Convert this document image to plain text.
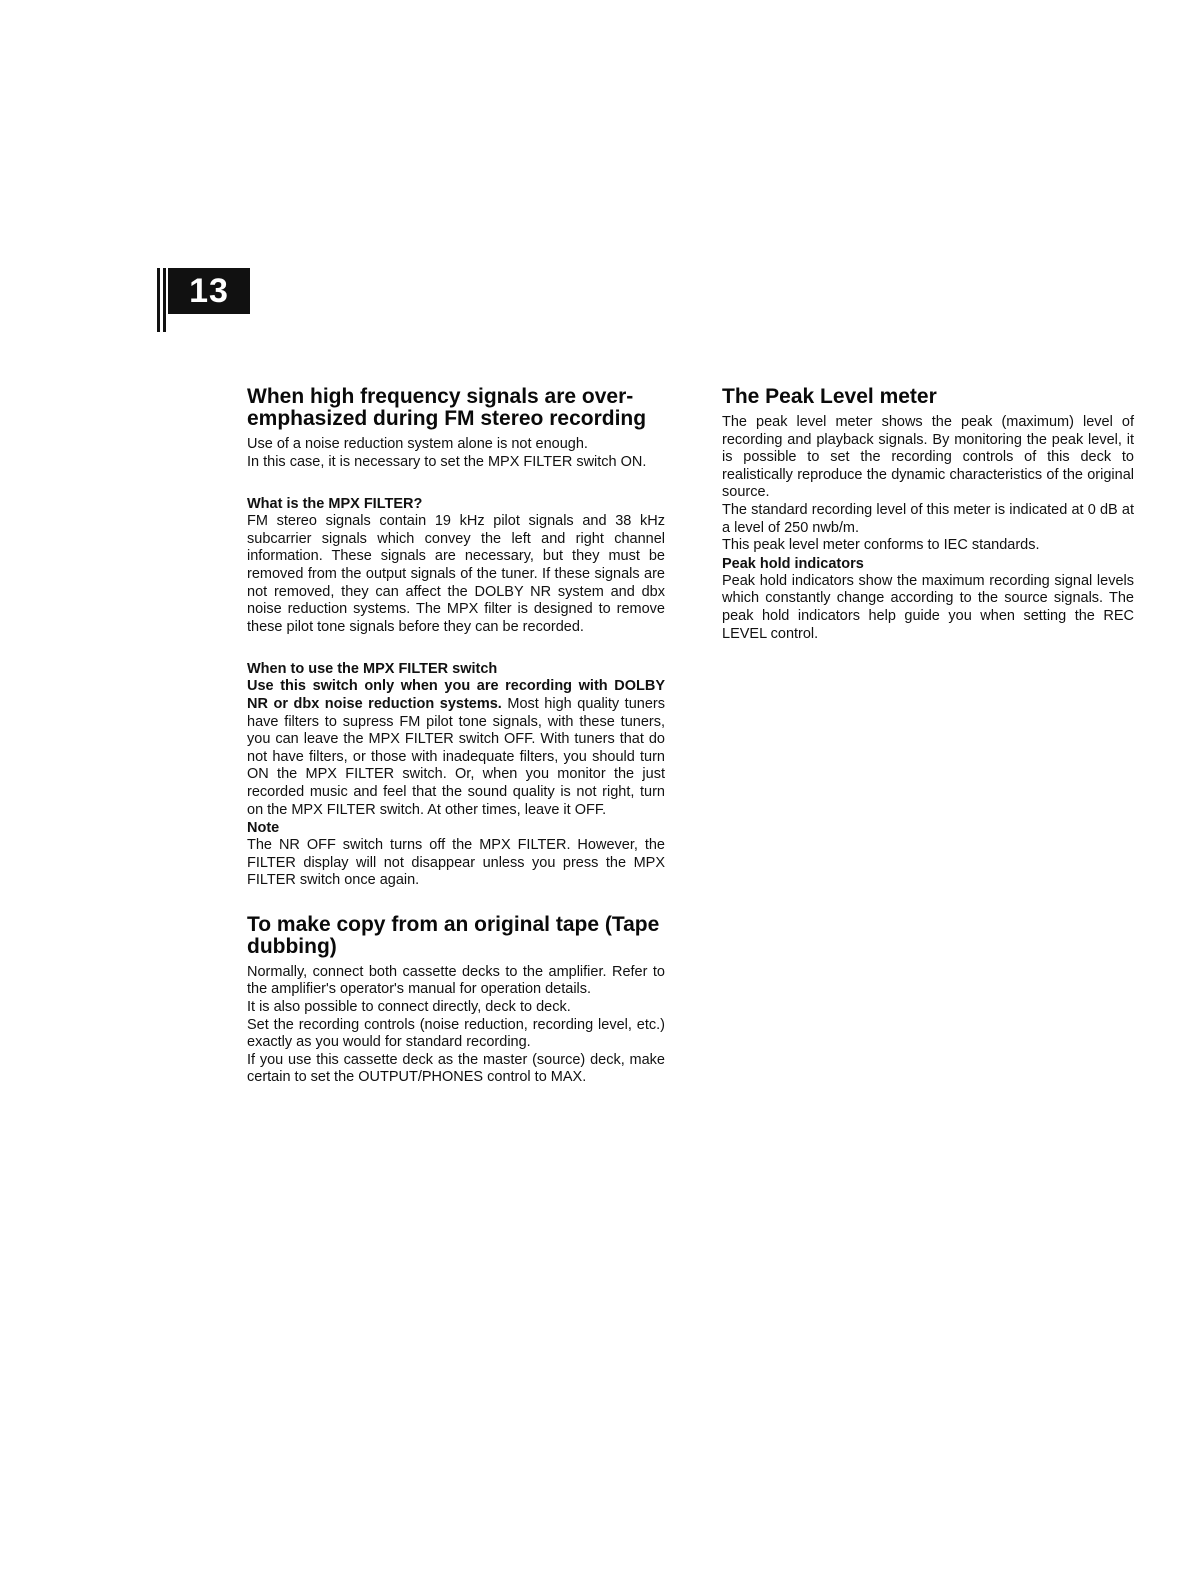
13
When high frequency signals are over-emphasized during FM stereo recording

Use of a noise reduction system alone is not enough.

In this case, it is necessary to set the MPX FILTER switch ON.

What is the MPX FILTER?

FM stereo signals contain 19 kHz pilot signals and 38 kHz subcarrier signals which convey the left and right channel information. These signals are necessary, but they must be removed from the output signals of the tuner. If these signals are not removed, they can affect the DOLBY NR system and dbx noise reduction systems. The MPX filter is designed to remove these pilot tone signals before they can be recorded.

When to use the MPX FILTER switch

Use this switch only when you are recording with DOLBY NR or dbx noise reduction systems. Most high quality tuners have filters to supress FM pilot tone signals, with these tuners, you can leave the MPX FILTER switch OFF. With tuners that do not have filters, or those with inadequate filters, you should turn ON the MPX FILTER switch. Or, when you monitor the just recorded music and feel that the sound quality is not right, turn on the MPX FILTER switch. At other times, leave it OFF.

Note

The NR OFF switch turns off the MPX FILTER. However, the FILTER display will not disappear unless you press the MPX FILTER switch once again.

To make copy from an original tape (Tape dubbing)

Normally, connect both cassette decks to the amplifier. Refer to the amplifier's operator's manual for operation details.

It is also possible to connect directly, deck to deck.

Set the recording controls (noise reduction, recording level, etc.) exactly as you would for standard recording.

If you use this cassette deck as the master (source) deck, make certain to set the OUTPUT/PHONES control to MAX.

The Peak Level meter

The peak level meter shows the peak (maximum) level of recording and playback signals. By monitoring the peak level, it is possible to set the recording controls of this deck to realistically reproduce the dynamic characteristics of the original source.

The standard recording level of this meter is indicated at 0 dB at a level of 250 nwb/m.

This peak level meter conforms to IEC standards.

Peak hold indicators

Peak hold indicators show the maximum recording signal levels which constantly change according to the source signals. The peak hold indicators help guide you when setting the REC LEVEL control.
